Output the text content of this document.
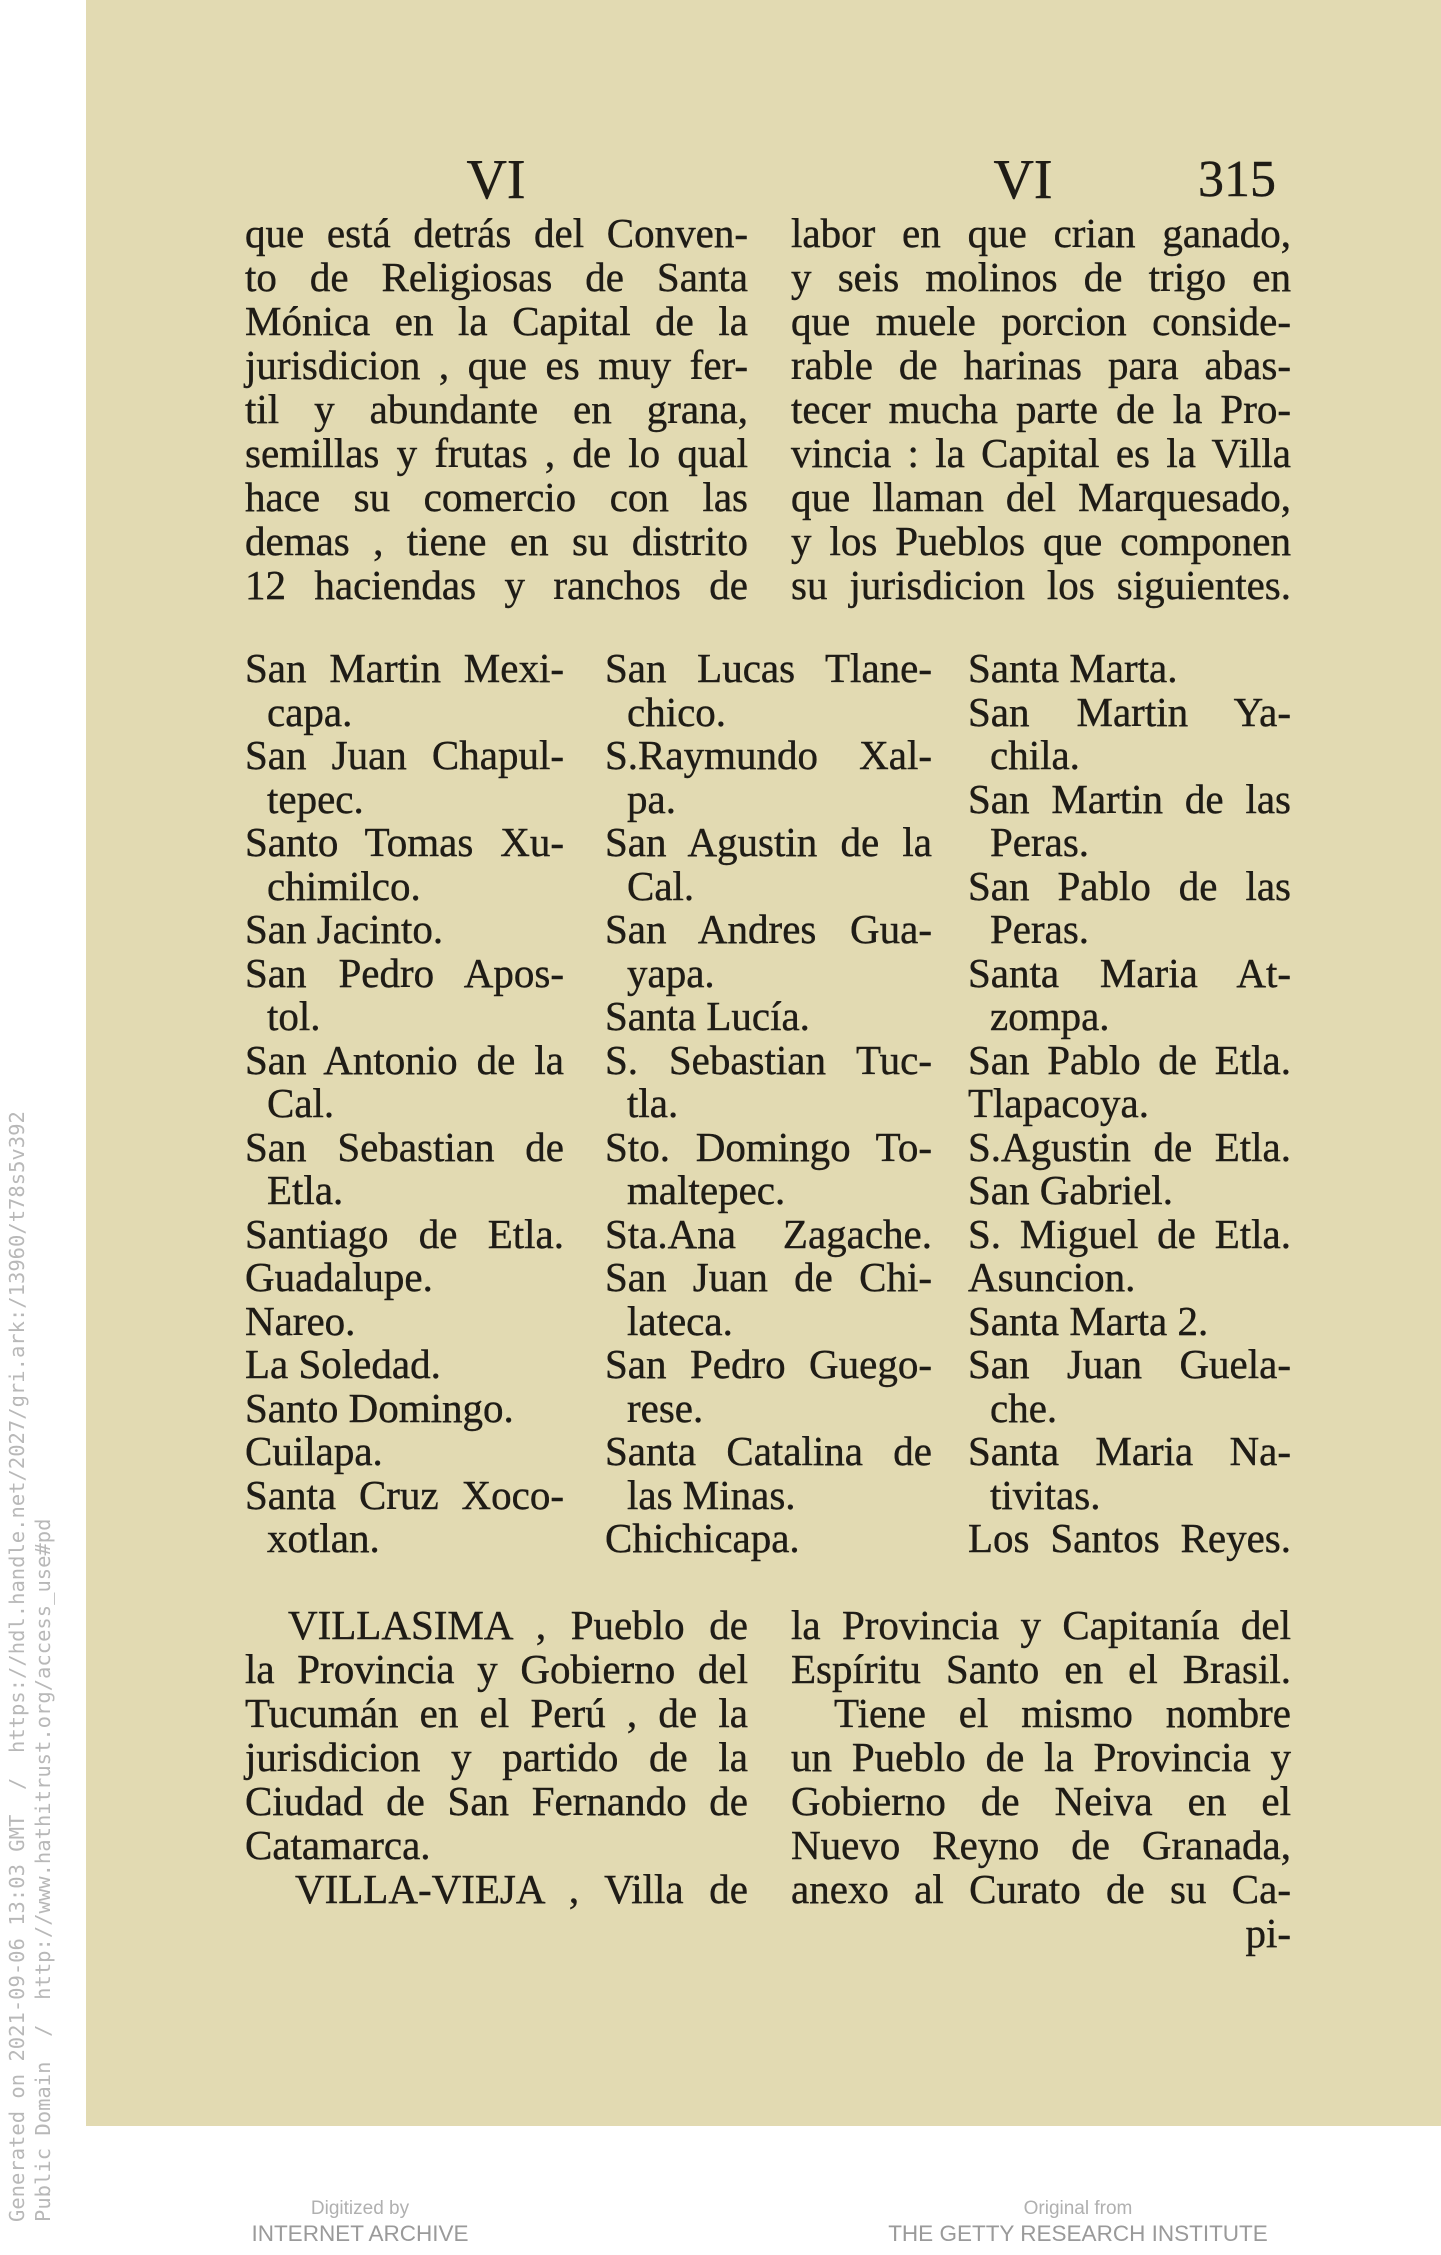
VI	VI	315
que está detrás del Conven-
to de Religiosas de Santa
Mónica en la Capital de la
jurisdicion , que es muy fer-
til y abundante en grana,
semillas y frutas , de lo qual
hace su comercio con las
demas , tiene en su distrito
12 haciendas y ranchos de
labor en que crian ganado,
y seis molinos de trigo en
que muele porcion conside-
rable de harinas para abas-
tecer mucha parte de la Pro-
vincia : la Capital es la Villa
que llaman del Marquesado,
y los Pueblos que componen
su jurisdicion los siguientes.
San Martin Mexi-
capa.
San Juan Chapul-
tepec.
Santo Tomas Xu-
chimilco.
San Jacinto.
San Pedro Apos-
tol.
San Antonio de la
Cal.
San Sebastian de
Etla.
Santiago de Etla.
Guadalupe.
Nareo.
La Soledad.
Santo Domingo.
Cuilapa.
Santa Cruz Xoco-
xotlan.
San Lucas Tlane-
chico.
S.Raymundo Xal-
pa.
San Agustin de la
Cal.
San Andres Gua-
yapa.
Santa Lucía.
S. Sebastian Tuc-
tla.
Sto. Domingo To-
maltepec.
Sta.Ana Zagache.
San Juan de Chi-
lateca.
San Pedro Guego-
rese.
Santa Catalina de
las Minas.
Chichicapa.
Santa Marta.
San Martin Ya-
chila.
San Martin de las
Peras.
San Pablo de las
Peras.
Santa Maria At-
zompa.
San Pablo de Etla.
Tlapacoya.
S.Agustin de Etla.
San Gabriel.
S. Miguel de Etla.
Asuncion.
Santa Marta 2.
San Juan Guela-
che.
Santa Maria Na-
tivitas.
Los Santos Reyes.
VILLASIMA , Pueblo de
la Provincia y Gobierno del
Tucumán en el Perú , de la
jurisdicion y partido de la
Ciudad de San Fernando de
Catamarca.
VILLA-VIEJA , Villa de
la Provincia y Capitanía del
Espíritu Santo en el Brasil.
Tiene el mismo nombre
un Pueblo de la Provincia y
Gobierno de Neiva en el
Nuevo Reyno de Granada,
anexo al Curato de su Ca-
pi-
Generated on 2021-09-06 13:03 GMT  /  https://hdl.handle.net/2027/gri.ark:/13960/t78s5v392 Public Domain  /  http://www.hathitrust.org/access_use#pd	Digitized by
INTERNET ARCHIVE
Original from
THE GETTY RESEARCH INSTITUTE
